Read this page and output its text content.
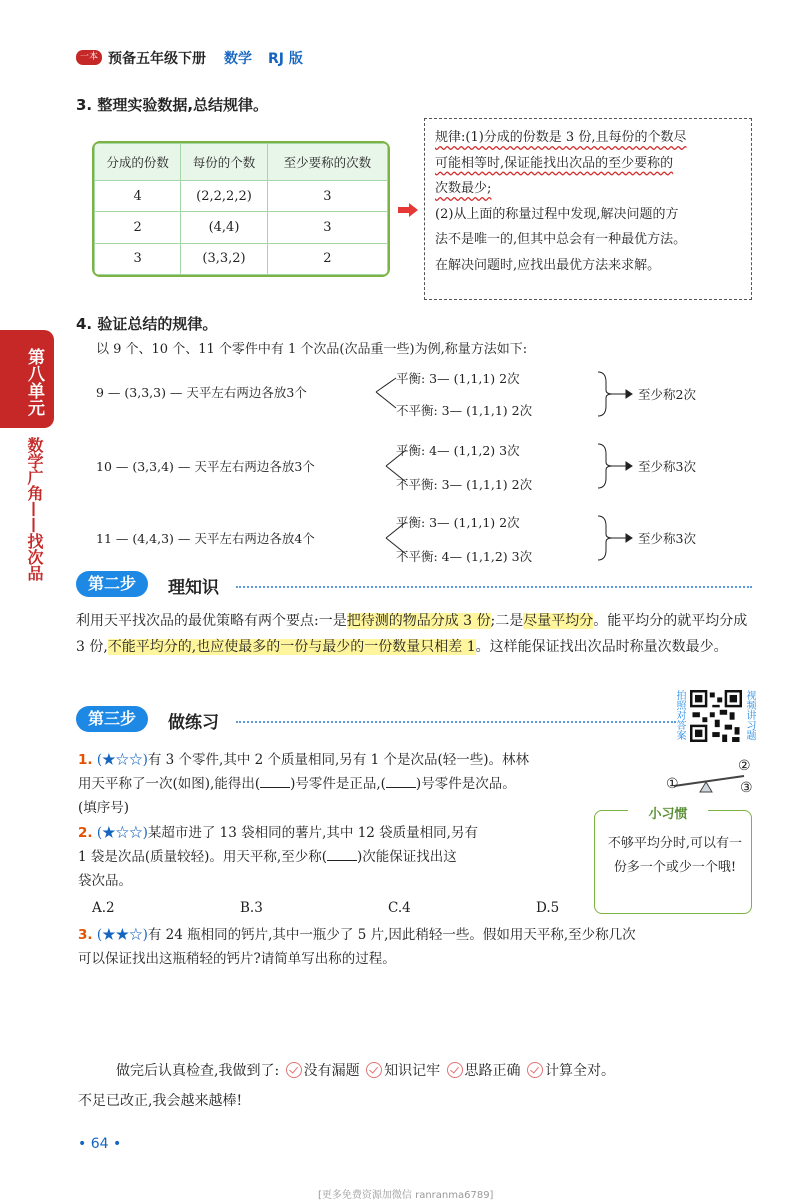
一本 预备五年级下册 数学 RJ 版
3. 整理实验数据,总结规律。
分成的份数	每份的个数	至少要称的次数
4	(2,2,2,2)	3
2	(4,4)	3
3	(3,3,2)	2
规律:(1)分成的份数是 3 份,且每份的个数尽
可能相等时,保证能找出次品的至少要称的
次数最少;
(2)从上面的称量过程中发现,解决问题的方
法不是唯一的,但其中总会有一种最优方法。
在解决问题时,应找出最优方法来求解。
第八单元
数学广角——找次品
4. 验证总结的规律。
以 9 个、10 个、11 个零件中有 1 个次品(次品重一些)为例,称量方法如下:
9 — (3,3,3) — 天平左右两边各放3个
平衡: 3— (1,1,1) 2次
不平衡: 3— (1,1,1) 2次
至少称2次
10 — (3,3,4) — 天平左右两边各放3个
平衡: 4— (1,1,2) 3次
不平衡: 3— (1,1,1) 2次
至少称3次
11 — (4,4,3) — 天平左右两边各放4个
平衡: 3— (1,1,1) 2次
不平衡: 4— (1,1,2) 3次
至少称3次
第二步	理知识
利用天平找次品的最优策略有两个要点:一是把待测的物品分成 3 份;二是尽量平均分。能平均分的就平均分成 3 份,不能平均分的,也应使最多的一份与最少的一份数量只相差 1。这样能保证找出次品时称量次数最少。
第三步	做练习	拍照对答案	视频讲习题
1. (★☆☆)有 3 个零件,其中 2 个质量相同,另有 1 个是次品(轻一些)。林林
用天平称了一次(如图),能得出( )号零件是正品,( )号零件是次品。
(填序号)
①
②
③
2. (★☆☆)某超市进了 13 袋相同的薯片,其中 12 袋质量相同,另有
1 袋是次品(质量较轻)。用天平称,至少称( )次能保证找出这
袋次品。
A.2	B.3	C.4	D.5
小习惯
不够平均分时,可以有一份多一个或少一个哦!
3. (★★☆)有 24 瓶相同的钙片,其中一瓶少了 5 片,因此稍轻一些。假如用天平称,至少称几次
可以保证找出这瓶稍轻的钙片?请简单写出称的过程。
做完后认真检查,我做到了: 没有漏题 知识记牢 思路正确 计算全对。
不足已改正,我会越来越棒!
• 64 •
[更多免费资源加微信 ranranma6789]
